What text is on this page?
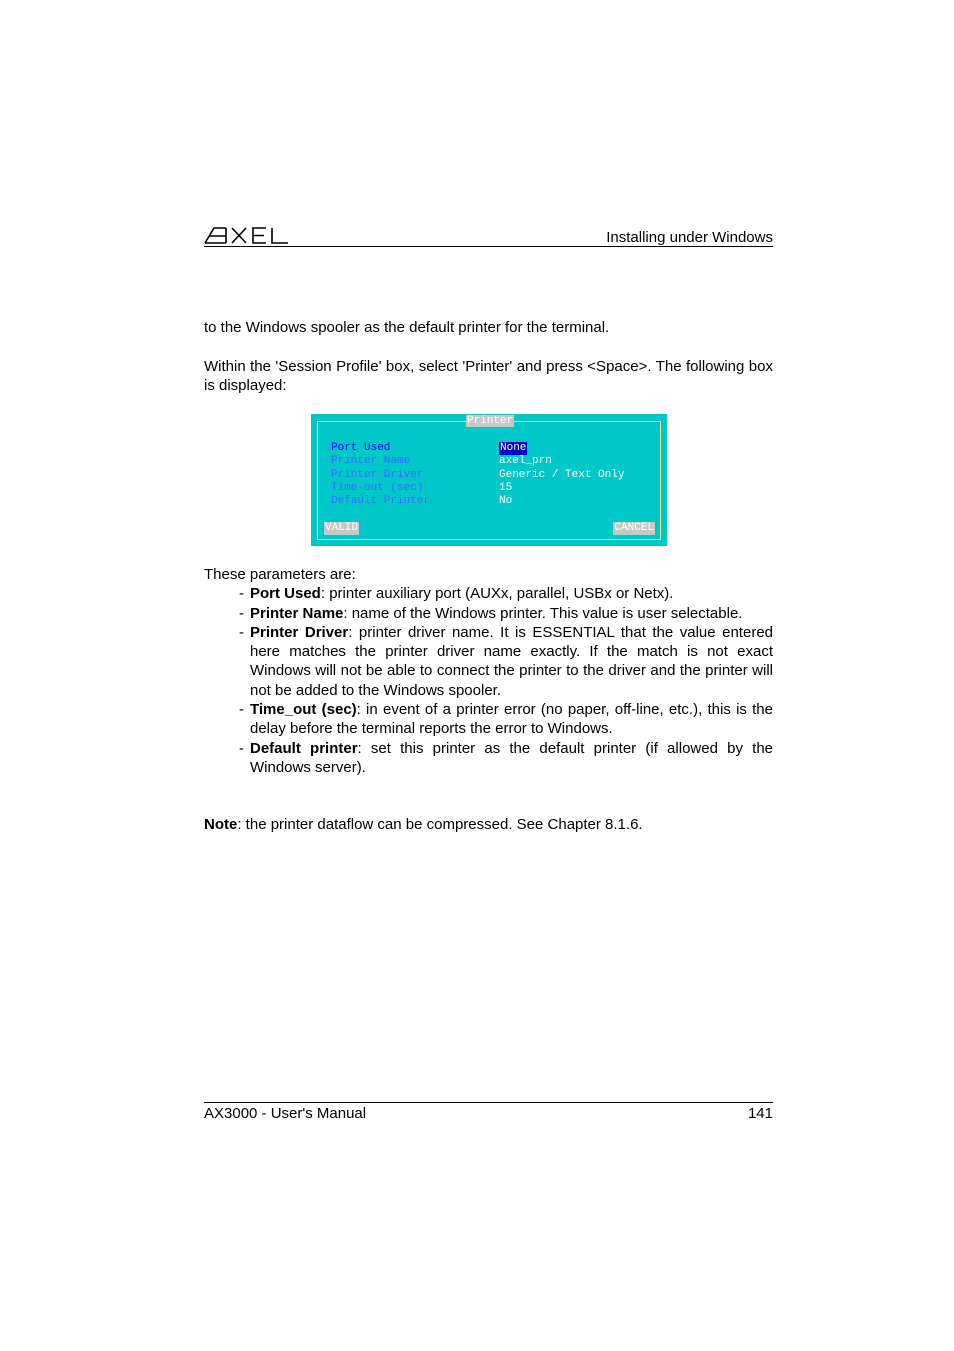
Installing under Windows

to the Windows spooler as the default printer for the terminal.

Within the 'Session Profile' box, select 'Printer' and press <Space>. The following box is displayed:

Printer
Port Used	None
Printer Name	axel_prn
Printer Driver	Generic / Text Only
Time-out (sec)	15
Default Printer	No
VALID	CANCEL

These parameters are:

- Port Used: printer auxiliary port (AUXx, parallel, USBx or Netx).
- Printer Name: name of the Windows printer. This value is user selectable.
- Printer Driver: printer driver name. It is ESSENTIAL that the value entered here matches the printer driver name exactly. If the match is not exact Windows will not be able to connect the printer to the driver and the printer will not be added to the Windows spooler.
- Time_out (sec): in event of a printer error (no paper, off-line, etc.), this is the delay before the terminal reports the error to Windows.
- Default printer: set this printer as the default printer (if allowed by the Windows server).

Note: the printer dataflow can be compressed. See Chapter 8.1.6.

AX3000 - User's Manual	141
